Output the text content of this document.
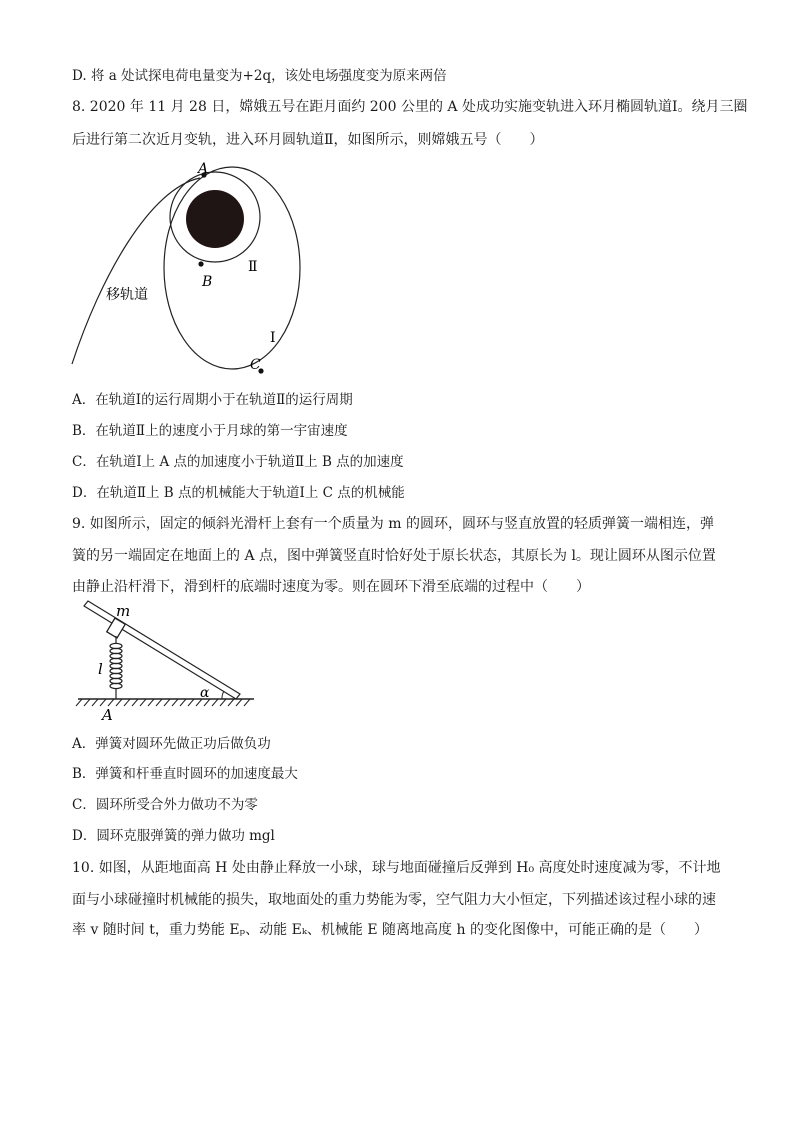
D. 将 a 处试探电荷电量变为+2q，该处电场强度变为原来两倍
8. 2020 年 11 月 28 日，嫦娥五号在距月面约 200 公里的 A 处成功实施变轨进入环月椭圆轨道Ⅰ。绕月三圈
后进行第二次近月变轨，进入环月圆轨道Ⅱ，如图所示，则嫦娥五号（　　）
A
B
C
Ⅱ
Ⅰ
移轨道
A．在轨道Ⅰ的运行周期小于在轨道Ⅱ的运行周期
B．在轨道Ⅱ上的速度小于月球的第一宇宙速度
C．在轨道Ⅰ上 A 点的加速度小于轨道Ⅱ上 B 点的加速度
D．在轨道Ⅱ上 B 点的机械能大于轨道Ⅰ上 C 点的机械能
9. 如图所示，固定的倾斜光滑杆上套有一个质量为 m 的圆环，圆环与竖直放置的轻质弹簧一端相连，弹
簧的另一端固定在地面上的 A 点，图中弹簧竖直时恰好处于原长状态，其原长为 l。现让圆环从图示位置
由静止沿杆滑下，滑到杆的底端时速度为零。则在圆环下滑至底端的过程中（　　）
m
l
α
A
A．弹簧对圆环先做正功后做负功
B．弹簧和杆垂直时圆环的加速度最大
C．圆环所受合外力做功不为零
D．圆环克服弹簧的弹力做功 mgl
10. 如图，从距地面高 H 处由静止释放一小球，球与地面碰撞后反弹到 H₀ 高度处时速度减为零，不计地
面与小球碰撞时机械能的损失，取地面处的重力势能为零，空气阻力大小恒定，下列描述该过程小球的速
率 v 随时间 t，重力势能 Eₚ、动能 Eₖ、机械能 E 随离地高度 h 的变化图像中，可能正确的是（　　）
